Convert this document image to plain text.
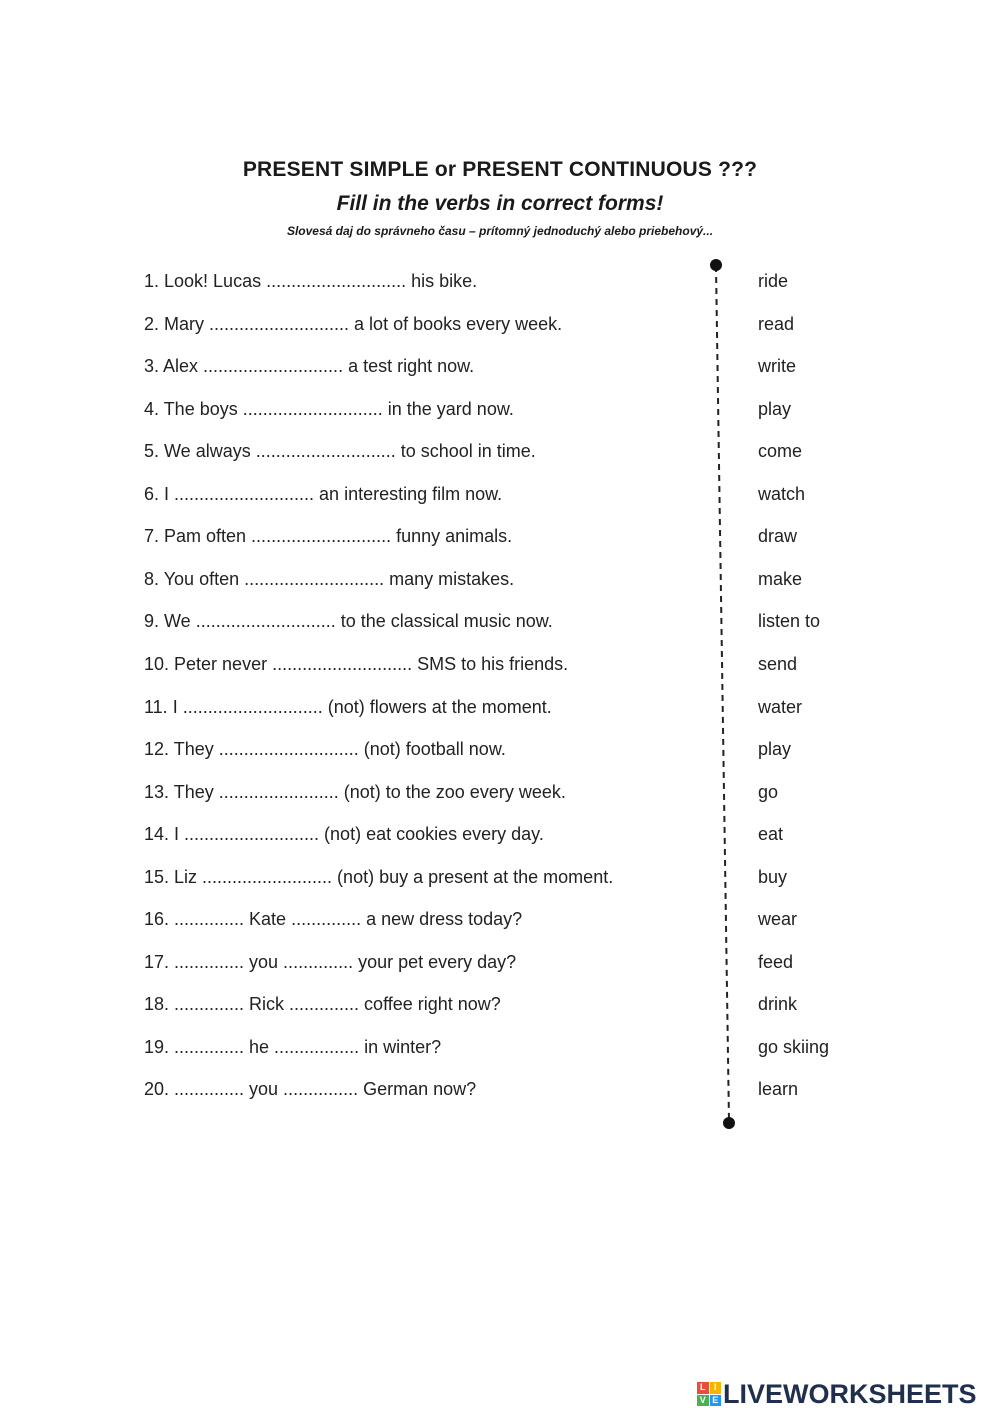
PRESENT SIMPLE or PRESENT CONTINUOUS ???
Fill in the verbs in correct forms!
Slovesá daj do správneho času – prítomný jednoduchý alebo priebehový...
1. Look! Lucas ............................ his bike.	ride
2. Mary ............................ a lot of books every week.	read
3. Alex ............................ a test right now.	write
4. The boys ............................ in the yard now.	play
5. We always ............................ to school in time.	come
6. I ............................ an interesting film now.	watch
7. Pam often ............................ funny animals.	draw
8. You often ............................ many mistakes.	make
9. We ............................ to the classical music now.	listen to
10. Peter never ............................ SMS to his friends.	send
11. I ............................ (not) flowers at the moment.	water
12. They ............................ (not) football now.	play
13. They ........................ (not) to the zoo every week.	go
14. I ........................... (not) eat cookies every day.	eat
15. Liz .......................... (not) buy a present at the moment.	buy
16. .............. Kate .............. a new dress today?	wear
17. .............. you .............. your pet every day?	feed
18. .............. Rick .............. coffee right now?	drink
19. .............. he ................. in winter?	go skiing
20. .............. you ............... German now?	learn
L I
V E LIVEWORKSHEETS
